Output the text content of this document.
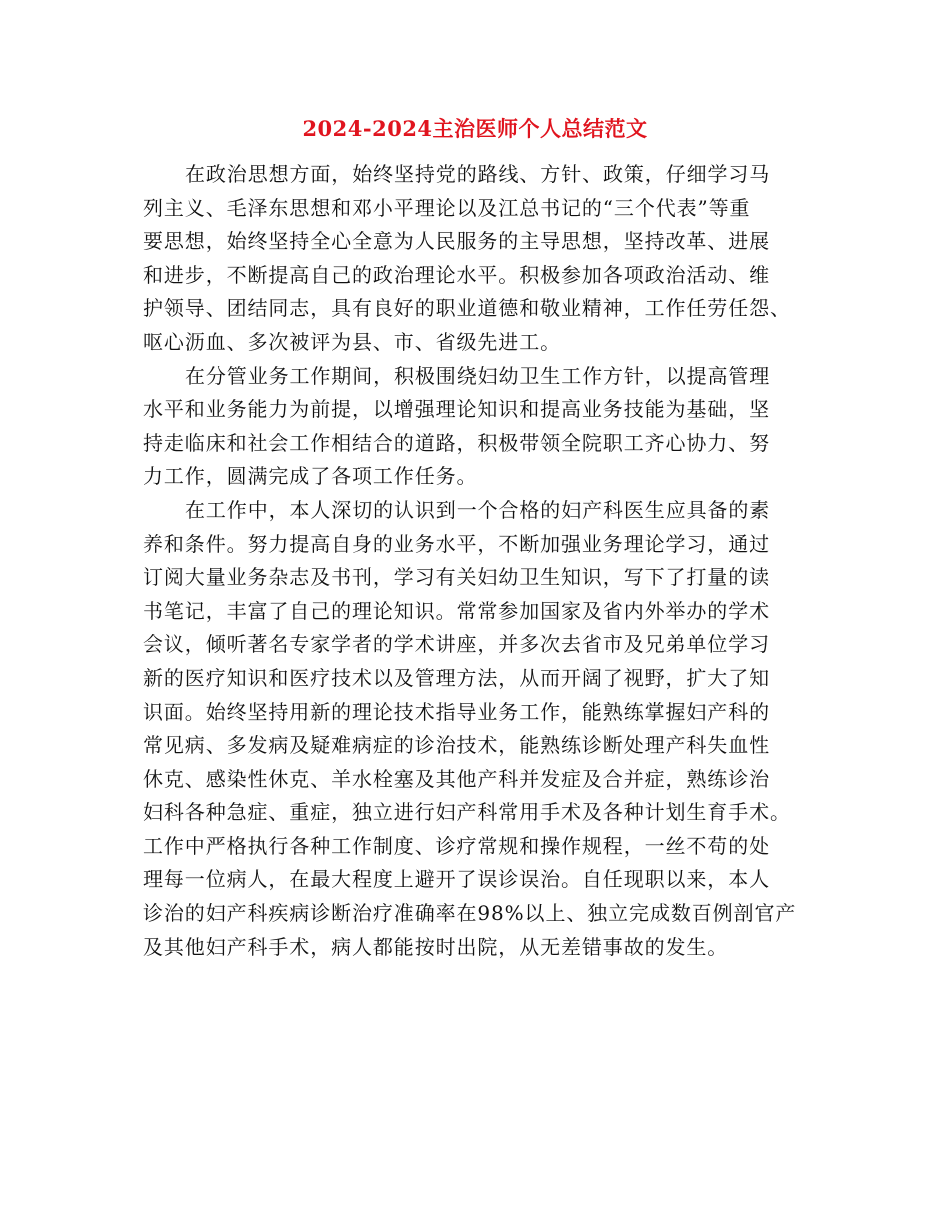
2024-2024主治医师个人总结范文
在政治思想方面，始终坚持党的路线、方针、政策，仔细学习马
列主义、毛泽东思想和邓小平理论以及江总书记的“三个代表”等重
要思想，始终坚持全心全意为人民服务的主导思想，坚持改革、进展
和进步，不断提高自己的政治理论水平。积极参加各项政治活动、维
护领导、团结同志，具有良好的职业道德和敬业精神，工作任劳任怨、
呕心沥血、多次被评为县、市、省级先进工。
在分管业务工作期间，积极围绕妇幼卫生工作方针，以提高管理
水平和业务能力为前提，以增强理论知识和提高业务技能为基础，坚
持走临床和社会工作相结合的道路，积极带领全院职工齐心协力、努
力工作，圆满完成了各项工作任务。
在工作中，本人深切的认识到一个合格的妇产科医生应具备的素
养和条件。努力提高自身的业务水平，不断加强业务理论学习，通过
订阅大量业务杂志及书刊，学习有关妇幼卫生知识，写下了打量的读
书笔记，丰富了自己的理论知识。常常参加国家及省内外举办的学术
会议，倾听著名专家学者的学术讲座，并多次去省市及兄弟单位学习
新的医疗知识和医疗技术以及管理方法，从而开阔了视野，扩大了知
识面。始终坚持用新的理论技术指导业务工作，能熟练掌握妇产科的
常见病、多发病及疑难病症的诊治技术，能熟练诊断处理产科失血性
休克、感染性休克、羊水栓塞及其他产科并发症及合并症，熟练诊治
妇科各种急症、重症，独立进行妇产科常用手术及各种计划生育手术。
工作中严格执行各种工作制度、诊疗常规和操作规程，一丝不苟的处
理每一位病人，在最大程度上避开了误诊误治。自任现职以来，本人
诊治的妇产科疾病诊断治疗准确率在98%以上、独立完成数百例剖官产
及其他妇产科手术，病人都能按时出院，从无差错事故的发生。
